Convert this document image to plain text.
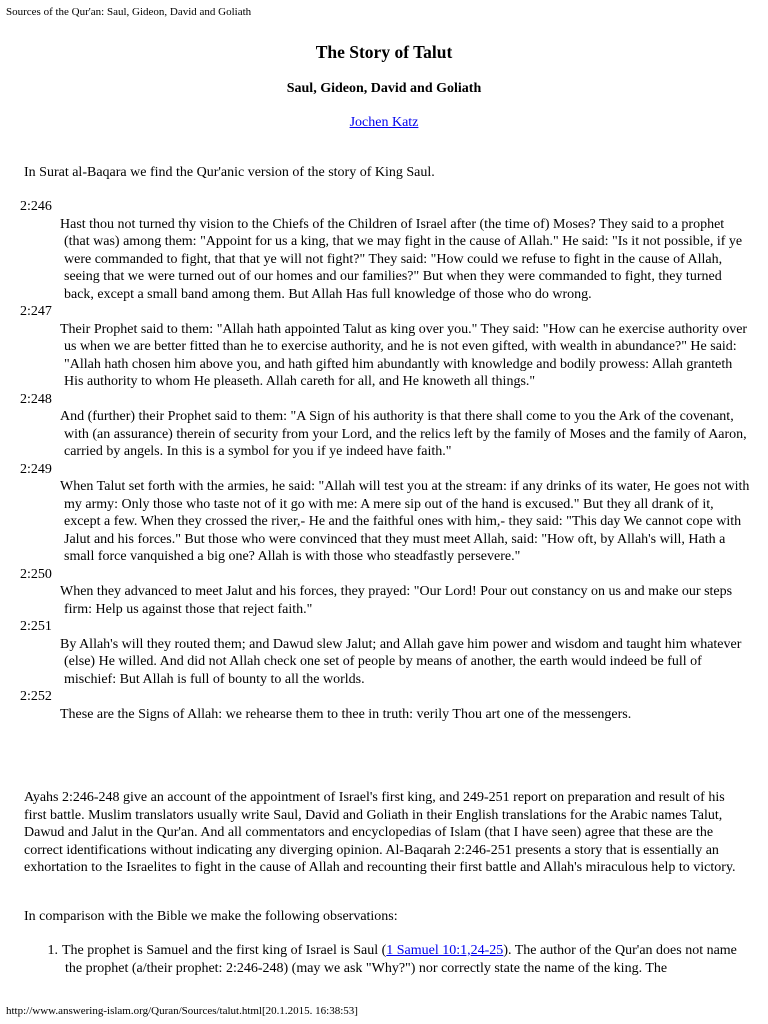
Sources of the Qur'an: Saul, Gideon, David and Goliath
The Story of Talut
Saul, Gideon, David and Goliath
Jochen Katz
In Surat al-Baqara we find the Qur'anic version of the story of King Saul.
2:246
Hast thou not turned thy vision to the Chiefs of the Children of Israel after (the time of) Moses? They said to a prophet (that was) among them: "Appoint for us a king, that we may fight in the cause of Allah." He said: "Is it not possible, if ye were commanded to fight, that that ye will not fight?" They said: "How could we refuse to fight in the cause of Allah, seeing that we were turned out of our homes and our families?" But when they were commanded to fight, they turned back, except a small band among them. But Allah Has full knowledge of those who do wrong.
2:247
Their Prophet said to them: "Allah hath appointed Talut as king over you." They said: "How can he exercise authority over us when we are better fitted than he to exercise authority, and he is not even gifted, with wealth in abundance?" He said: "Allah hath chosen him above you, and hath gifted him abundantly with knowledge and bodily prowess: Allah granteth His authority to whom He pleaseth. Allah careth for all, and He knoweth all things."
2:248
And (further) their Prophet said to them: "A Sign of his authority is that there shall come to you the Ark of the covenant, with (an assurance) therein of security from your Lord, and the relics left by the family of Moses and the family of Aaron, carried by angels. In this is a symbol for you if ye indeed have faith."
2:249
When Talut set forth with the armies, he said: "Allah will test you at the stream: if any drinks of its water, He goes not with my army: Only those who taste not of it go with me: A mere sip out of the hand is excused." But they all drank of it, except a few. When they crossed the river,- He and the faithful ones with him,- they said: "This day We cannot cope with Jalut and his forces." But those who were convinced that they must meet Allah, said: "How oft, by Allah's will, Hath a small force vanquished a big one? Allah is with those who steadfastly persevere."
2:250
When they advanced to meet Jalut and his forces, they prayed: "Our Lord! Pour out constancy on us and make our steps firm: Help us against those that reject faith."
2:251
By Allah's will they routed them; and Dawud slew Jalut; and Allah gave him power and wisdom and taught him whatever (else) He willed. And did not Allah check one set of people by means of another, the earth would indeed be full of mischief: But Allah is full of bounty to all the worlds.
2:252
These are the Signs of Allah: we rehearse them to thee in truth: verily Thou art one of the messengers.

Ayahs 2:246-248 give an account of the appointment of Israel's first king, and 249-251 report on preparation and result of his first battle. Muslim translators usually write Saul, David and Goliath in their English translations for the Arabic names Talut, Dawud and Jalut in the Qur'an. And all commentators and encyclopedias of Islam (that I have seen) agree that these are the correct identifications without indicating any diverging opinion. Al-Baqarah 2:246-251 presents a story that is essentially an exhortation to the Israelites to fight in the cause of Allah and recounting their first battle and Allah's miraculous help to victory.

In comparison with the Bible we make the following observations:

1. The prophet is Samuel and the first king of Israel is Saul (1 Samuel 10:1,24-25). The author of the Qur'an does not name the prophet (a/their prophet: 2:246-248) (may we ask "Why?") nor correctly state the name of the king. The
http://www.answering-islam.org/Quran/Sources/talut.html[20.1.2015. 16:38:53]
